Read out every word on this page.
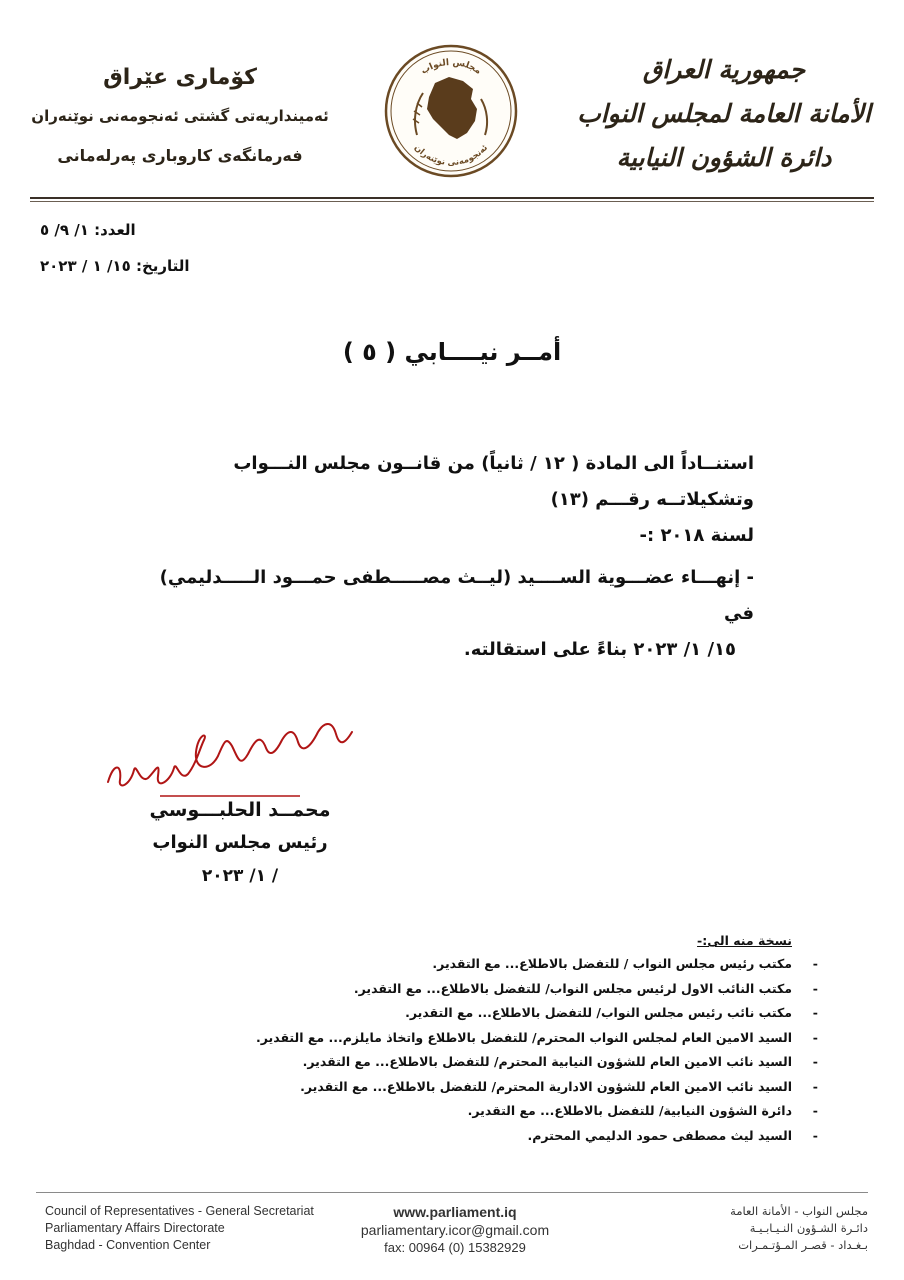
جمهورية العراق
الأمانة العامة لمجلس النواب
دائرة الشؤون النيابية
كۆماری عێراق
ئەمینداریەتی گشتی ئەنجومەنی نوێنەران
فەرمانگەی كاروباری پەرلەمانی
مجلس النواب
ئەنجومەنی نوێنەران
العدد: ١/ ٩/ ٥
التاريخ: ١٥/ ١ / ٢٠٢٣
أمــر نيــــابي ( ٥ )

استنــاداً الى المادة ( ١٢ / ثانياً) من قانــون مجلس النـــواب وتشكيلاتــه رقـــم (١٣)

لسنة ٢٠١٨ :-

- إنهـــاء عضـــوية الســــيد (ليــث مصـــــطفى حمـــود الـــــدليمي) في

١٥/ ١/ ٢٠٢٣ بناءً على استقالته.

محمــد الحلبـــوسي
رئيس مجلس النواب
/ ١/ ٢٠٢٣
نسخة منه الى:-
-
مكتب رئيس مجلس النواب / للتفضل بالاطلاع... مع التقدير.
-
مكتب النائب الاول لرئيس مجلس النواب/ للتفضل بالاطلاع... مع التقدير.
-
مكتب نائب رئيس مجلس النواب/ للتفضل بالاطلاع... مع التقدير.
-
السيد الامين العام لمجلس النواب المحترم/ للتفضل بالاطلاع واتخاذ مايلزم... مع التقدير.
-
السيد نائب الامين العام للشؤون النيابية المحترم/ للتفضل بالاطلاع... مع التقدير.
-
السيد نائب الامين العام للشؤون الادارية المحترم/ للتفضل بالاطلاع... مع التقدير.
-
دائرة الشؤون النيابية/ للتفضل بالاطلاع... مع التقدير.
-
السيد ليث مصطفى حمود الدليمي المحترم.
Council of Representatives - General Secretariat
Parliamentary Affairs Directorate
Baghdad - Convention Center
www.parliament.iq
parliamentary.icor@gmail.com
fax: 00964 (0) 15382929
مجلس النواب - الأمانة العامة
دائـرة الشـؤون النـيـابـيـة
بـغـداد - قصـر المـؤتـمـرات
